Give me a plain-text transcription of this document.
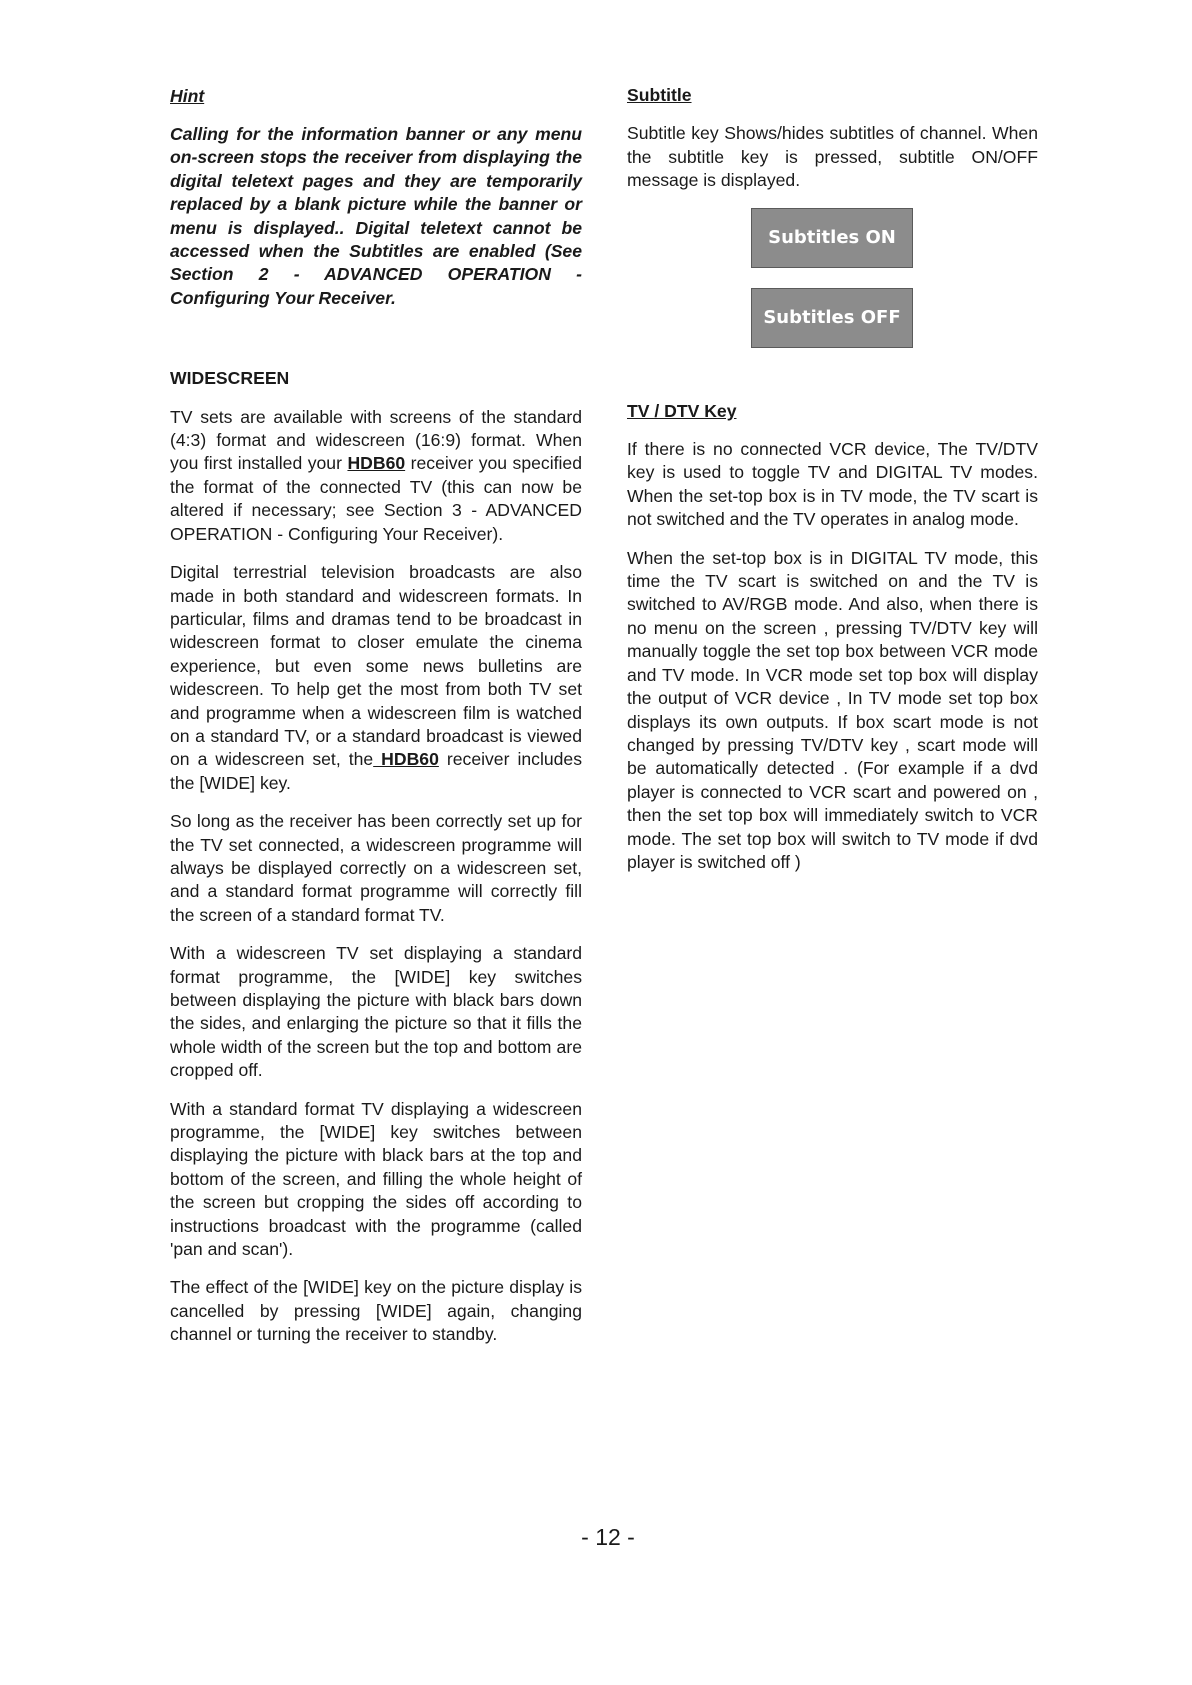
Hint

Calling for the information banner or any menu on-screen stops the receiver from displaying the digital teletext pages and they are temporarily replaced by a blank picture while the banner or menu is displayed.. Digital teletext cannot be accessed when the Subtitles are enabled (See Section 2 - ADVANCED OPERATION - Configuring Your Receiver.

WIDESCREEN

TV sets are available with screens of the standard (4:3) format and widescreen (16:9) format. When you first installed your HDB60 receiver you specified the format of the connected TV (this can now be altered if necessary; see Section 3 - ADVANCED OPERATION - Configuring Your Receiver).

Digital terrestrial television broadcasts are also made in both standard and widescreen formats. In particular, films and dramas tend to be broadcast in widescreen format to closer emulate the cinema experience, but even some news bulletins are widescreen. To help get the most from both TV set and programme when a widescreen film is watched on a standard TV, or a standard broadcast is viewed on a widescreen set, the HDB60 receiver includes the [WIDE] key.

So long as the receiver has been correctly set up for the TV set connected, a widescreen programme will always be displayed correctly on a widescreen set, and a standard format programme will correctly fill the screen of a standard format TV.

With a widescreen TV set displaying a standard format programme, the [WIDE] key switches between displaying the picture with black bars down the sides, and enlarging the picture so that it fills the whole width of the screen but the top and bottom are cropped off.

With a standard format TV displaying a widescreen programme, the [WIDE] key switches between displaying the picture with black bars at the top and bottom of the screen, and filling the whole height of the screen but cropping the sides off according to instructions broadcast with the programme (called 'pan and scan').

The effect of the [WIDE] key on the picture display is cancelled by pressing [WIDE] again, changing channel or turning the receiver to standby.

Subtitle

Subtitle key Shows/hides subtitles of channel. When the subtitle key is pressed, subtitle ON/OFF message is displayed.

Subtitles ON
Subtitles OFF
TV / DTV Key

If there is no connected VCR device, The TV/DTV key is used to toggle TV and DIGITAL TV modes. When the set-top box is in TV mode, the TV scart is not switched and the TV operates in analog mode.

When the set-top box is in DIGITAL TV mode, this time the TV scart is switched on and the TV is switched to AV/RGB mode. And also, when there is no menu on the screen , pressing TV/DTV key will manually toggle the set top box between VCR mode and TV mode. In VCR mode set top box will display the output of VCR device , In TV mode set top box displays its own outputs. If box scart mode is not changed by pressing TV/DTV key , scart mode will be automatically detected . (For example if a dvd player is connected to VCR scart and powered on , then the set top box will immediately switch to VCR mode. The set top box will switch to TV mode if dvd player is switched off )

- 12 -
